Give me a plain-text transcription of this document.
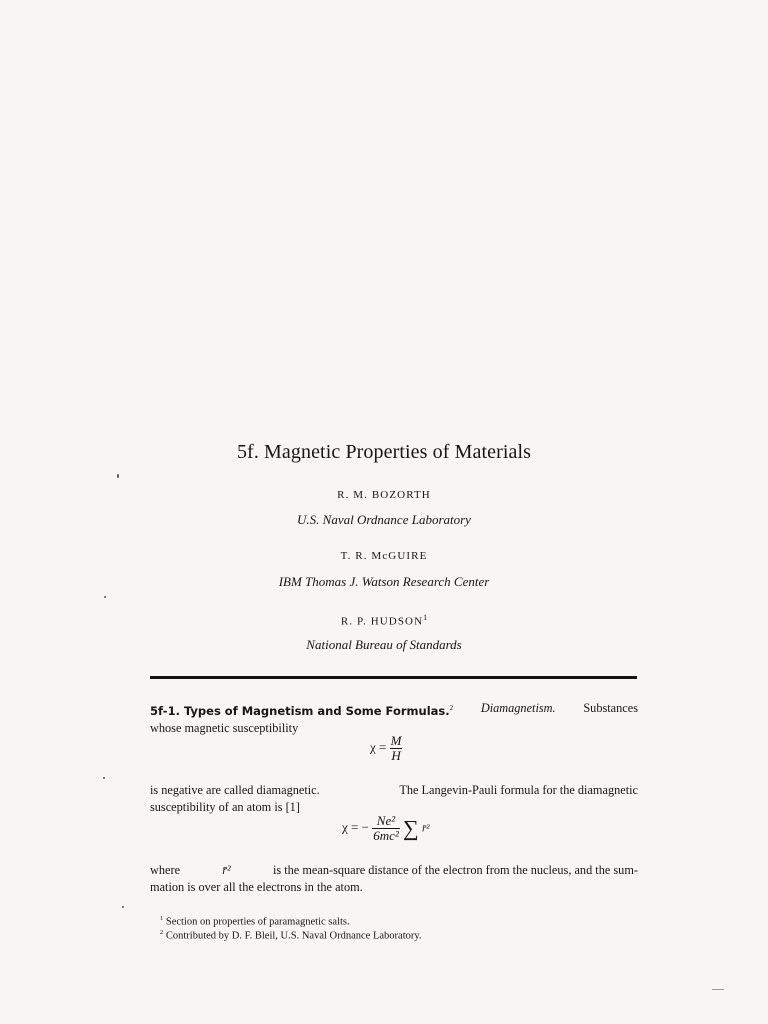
5f. Magnetic Properties of Materials
R. M. BOZORTH
U.S. Naval Ordnance Laboratory
T. R. McGUIRE
IBM Thomas J. Watson Research Center
R. P. HUDSON$^1$
National Bureau of Standards
5f-1. Types of Magnetism and Some Formulas.$^2$ Diamagnetism. Substances
whose magnetic susceptibility
$\chi = \frac{M}{H}$
is negative are called diamagnetic.	The Langevin-Pauli formula for the diamagnetic
susceptibility of an atom is [1]
χ = − $\frac{\text{Ne²}}{\text{6mc²}}$ ∑ r̄²
where	r̄²	is the mean-square distance of the electron from the nucleus, and the sum-
mation is over all the electrons in the atom.
$^1$ Section on properties of paramagnetic salts.
$^2$ Contributed by D. F. Bleil, U.S. Naval Ordnance Laboratory.
